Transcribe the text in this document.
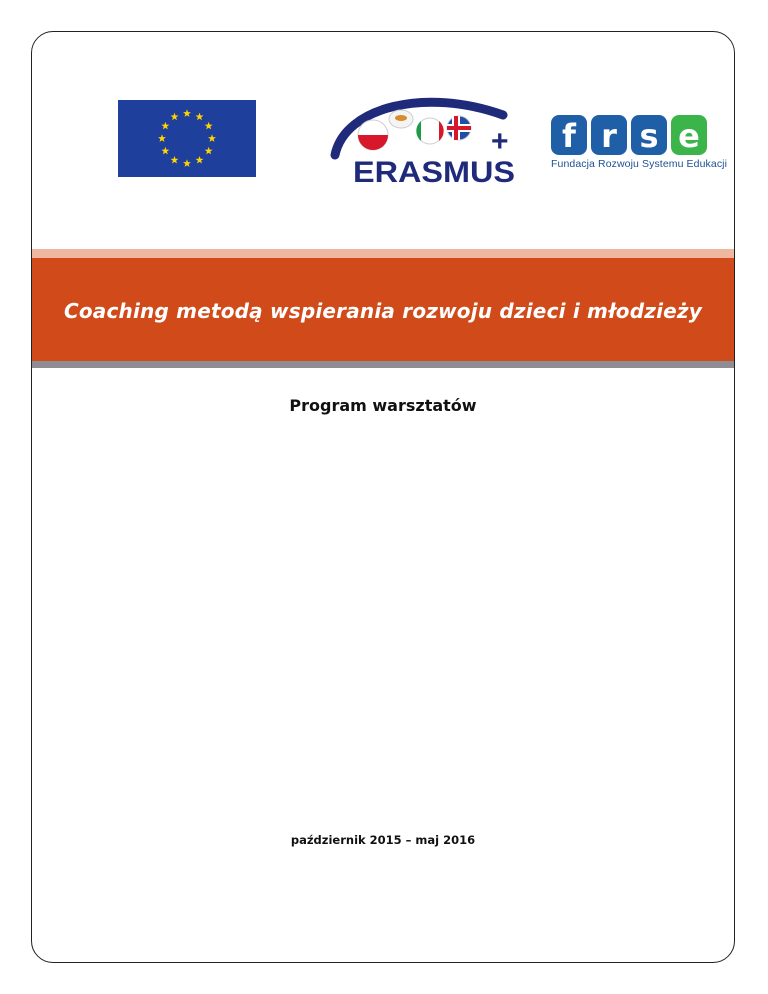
+
ERASMUS
f r s e
Fundacja Rozwoju Systemu Edukacji
Coaching metodą wspierania rozwoju dzieci i młodzieży
Program warsztatów
październik 2015 – maj 2016
